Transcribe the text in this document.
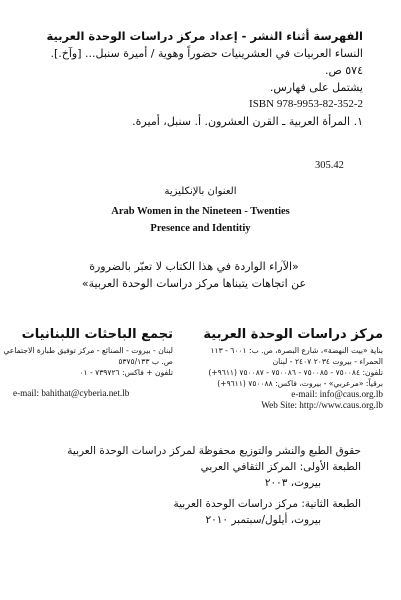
الفهرسة أثناء النشر - إعداد مركز دراسات الوحدة العربية
النساء العربيات في العشرينيات حضوراً وهوية / أميرة سنبل... [وآخ.].
٥٧٤ ص.
يشتمل على فهارس.
ISBN 978-9953-82-352-2
١. المرأة العربية ـ القرن العشرون. أ. سنبل، أميرة.
305.42
العنوان بالإنكليزية
Arab Women in the Nineteen - Twenties
Presence and Identitiy
«الآراء الواردة في هذا الكتاب لا تعبّر بالضرورة
عن اتجاهات يتبناها مركز دراسات الوحدة العربية»
مركز دراسات الوحدة العربية
بناية «بيت النهضة»، شارع البصرة، ص. ب: ٦٠٠١ - ١١٣
الحمراء - بيروت ٢٠٣٤ ٢٤٠٧ - لبنان
تلفون: ٧٥٠٠٨٤ - ٧٥٠٠٨٥ - ٧٥٠٠٨٦ - ٧٥٠٠٨٧ (٩٦١١+)
برقياً: «مرعربي» - بيروت، فاكس: ٧٥٠٠٨٨ (٩٦١١+)
e-mail: info@caus.org.lb
Web Site: http://www.caus.org.lb
تجمع الباحثات اللبنانيات
لبنان - بيروت - الصنائع - مركز توفيق طبارة الاجتماعي
ص. ب ٥٣٧٥/١٣٣
تلفون + فاكس: ٧٣٩٧٢٦ - ٠١
e-mail: bahithat@cyberia.net.lb
حقوق الطبع والنشر والتوزيع محفوظة لمركز دراسات الوحدة العربية
الطبعة الأولى: المركز الثقافي العربي
بيروت، ٢٠٠٣
الطبعة الثانية: مركز دراسات الوحدة العربية
بيروت، أيلول/سبتمبر ٢٠١٠
